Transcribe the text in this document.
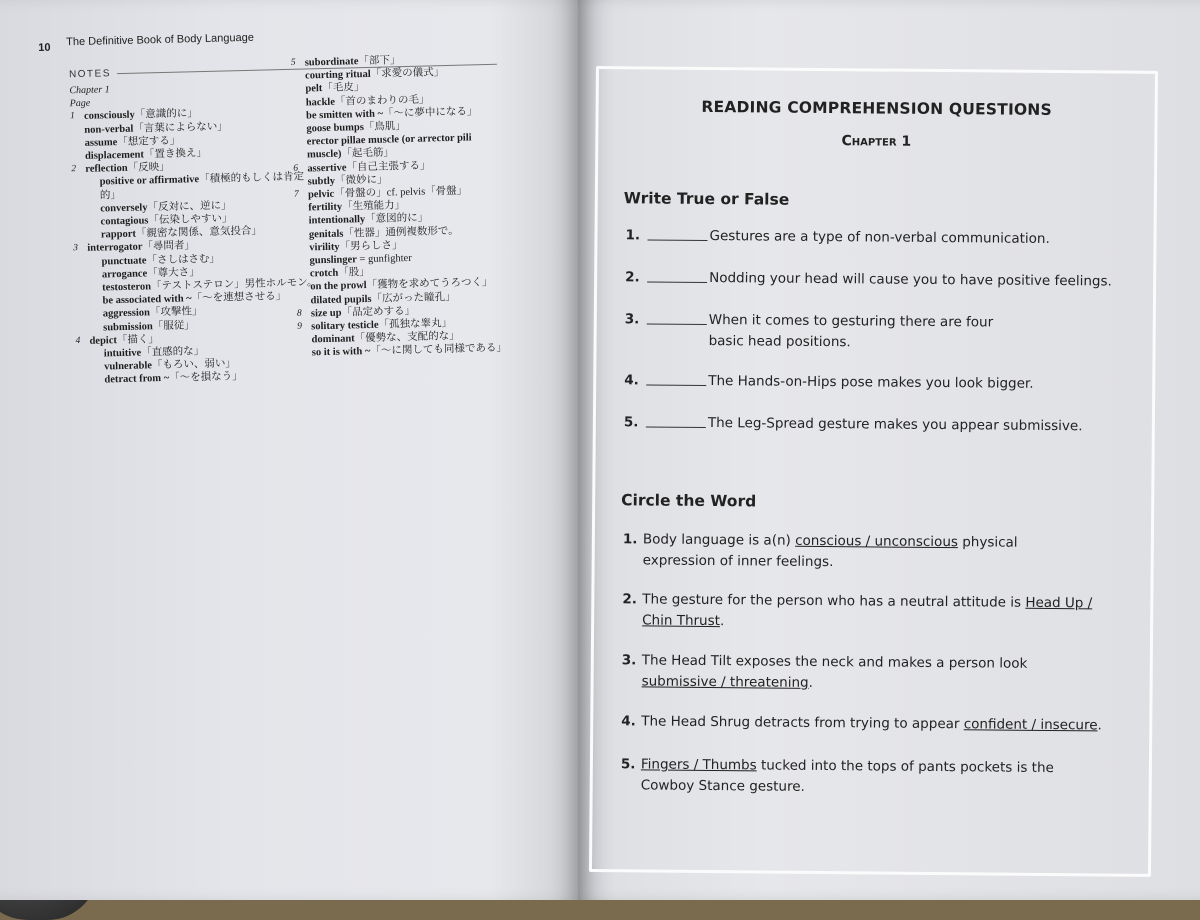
10 The Definitive Book of Body Language
NOTES
Chapter 1
Page
1 consciously「意識的に」
non-verbal「言葉によらない」
assume「想定する」
displacement「置き換え」
2 reflection「反映」
positive or affirmative「積極的もしくは肯定
的」
conversely「反対に、逆に」
contagious「伝染しやすい」
rapport「親密な関係、意気投合」
3 interrogator「尋問者」
punctuate「さしはさむ」
arrogance「尊大さ」
testosteron「テストステロン」男性ホルモン。
be associated with ~「～を連想させる」
aggression「攻撃性」
submission「服従」
4 depict「描く」
intuitive「直感的な」
vulnerable「もろい、弱い」
detract from ~「～を損なう」
5 subordinate「部下」
courting ritual「求愛の儀式」
pelt「毛皮」
hackle「首のまわりの毛」
be smitten with ~「～に夢中になる」
goose bumps「鳥肌」
erector pillae muscle (or arrector pili
muscle)「起毛筋」
6 assertive「自己主張する」
subtly「微妙に」
7 pelvic「骨盤の」cf. pelvis「骨盤」
fertility「生殖能力」
intentionally「意図的に」
genitals「性器」通例複数形で。
virility「男らしさ」
gunslinger = gunfighter
crotch「股」
on the prowl「獲物を求めてうろつく」
dilated pupils「広がった瞳孔」
8 size up「品定めする」
9 solitary testicle「孤独な睾丸」
dominant「優勢な、支配的な」
so it is with ~「～に関しても同様である」
READING COMPREHENSION QUESTIONS
Chapter 1
Write True or False
1.	Gestures are a type of non-verbal communication.
2.	Nodding your head will cause you to have positive feelings.
3.	When it comes to gesturing there are four basic head positions.
4.	The Hands-on-Hips pose makes you look bigger.
5.	The Leg-Spread gesture makes you appear submissive.
Circle the Word
1. Body language is a(n) conscious / unconscious physical expression of inner feelings.
2. The gesture for the person who has a neutral attitude is Head Up / Chin Thrust.
3. The Head Tilt exposes the neck and makes a person look submissive / threatening.
4. The Head Shrug detracts from trying to appear confident / insecure.
5. Fingers / Thumbs tucked into the tops of pants pockets is the Cowboy Stance gesture.
